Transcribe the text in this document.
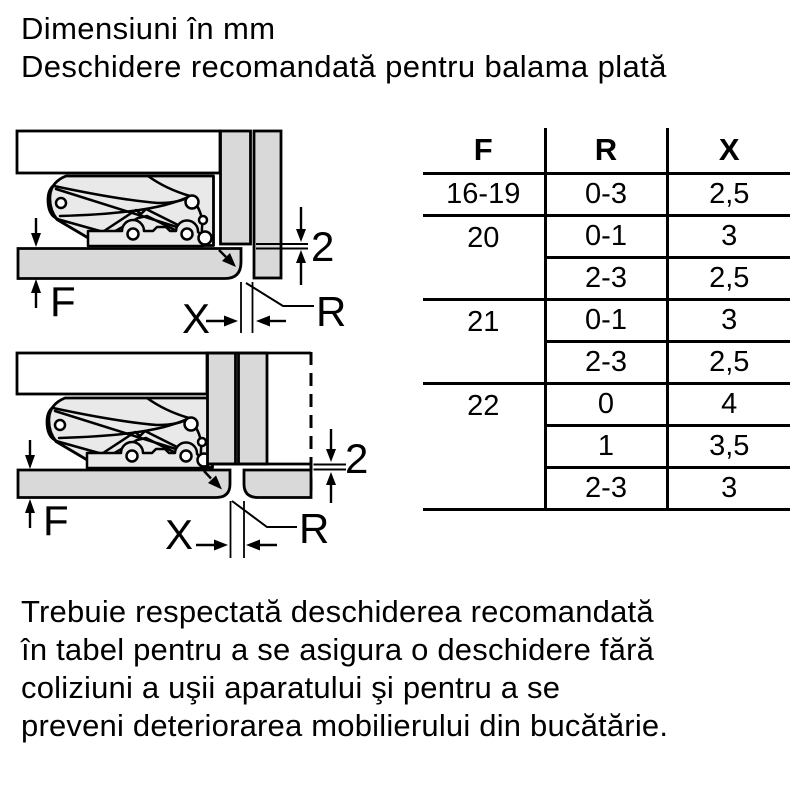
Dimensiuni în mm
Deschidere recomandată pentru balama plată
F	X	R
2
F X	R
2
F	R	X
16-19	0-3	2,5
20	0-1	3
	2-3	2,5
21	0-1	3
	2-3	2,5
22	0	4
	1	3,5
	2-3	3
Trebuie respectată deschiderea recomandată
în tabel pentru a se asigura o deschidere fără
coliziuni a uşii aparatului şi pentru a se
preveni deteriorarea mobilierului din bucătărie.
